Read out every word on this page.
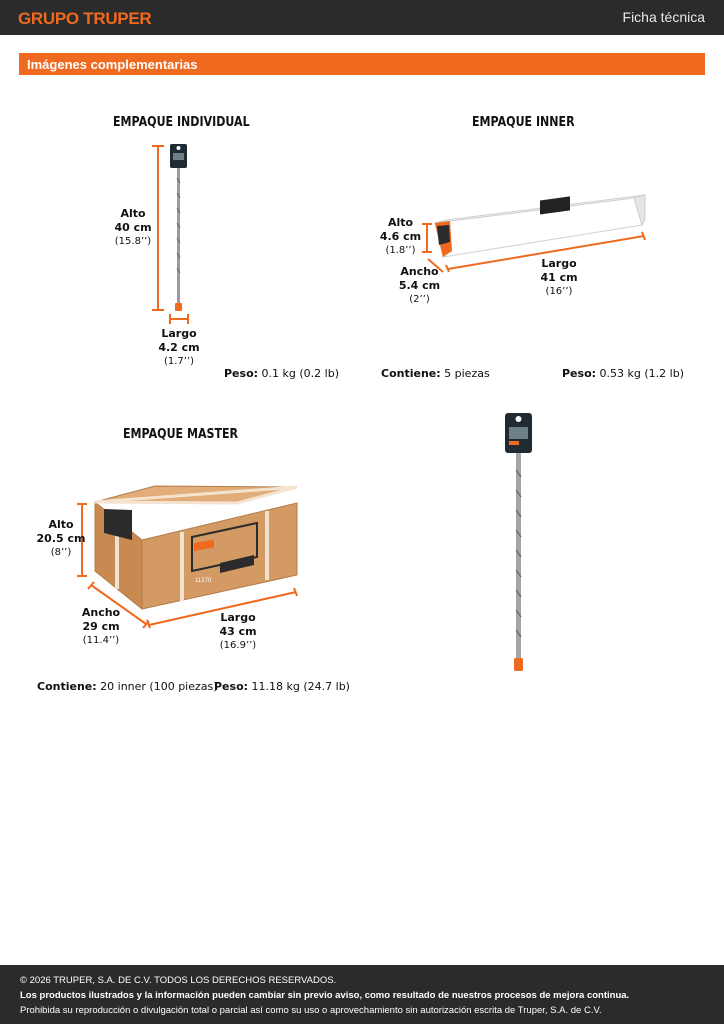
GRUPO TRUPER	Ficha técnica
Imágenes complementarias
EMPAQUE INDIVIDUAL
Alto
40 cm
(15.8’’)
Largo
4.2 cm
(1.7’’)
Peso: 0.1 kg (0.2 lb)
EMPAQUE INNER
Alto
4.6 cm
(1.8’’)
Ancho
5.4 cm
(2’’)
Largo
41 cm
(16’’)
Contiene: 5 piezas	Peso: 0.53 kg (1.2 lb)
EMPAQUE MASTER
11270
Alto
20.5 cm
(8’’)
Ancho
29 cm
(11.4’’)
Largo
43 cm
(16.9’’)
Contiene: 20 inner (100 piezas)
Peso: 11.18 kg (24.7 lb)
© 2026 TRUPER, S.A. DE C.V. TODOS LOS DERECHOS RESERVADOS.
Los productos ilustrados y la información pueden cambiar sin previo aviso, como resultado de nuestros procesos de mejora continua.
Prohibida su reproducción o divulgación total o parcial así como su uso o aprovechamiento sin autorización escrita de Truper, S.A. de C.V.
